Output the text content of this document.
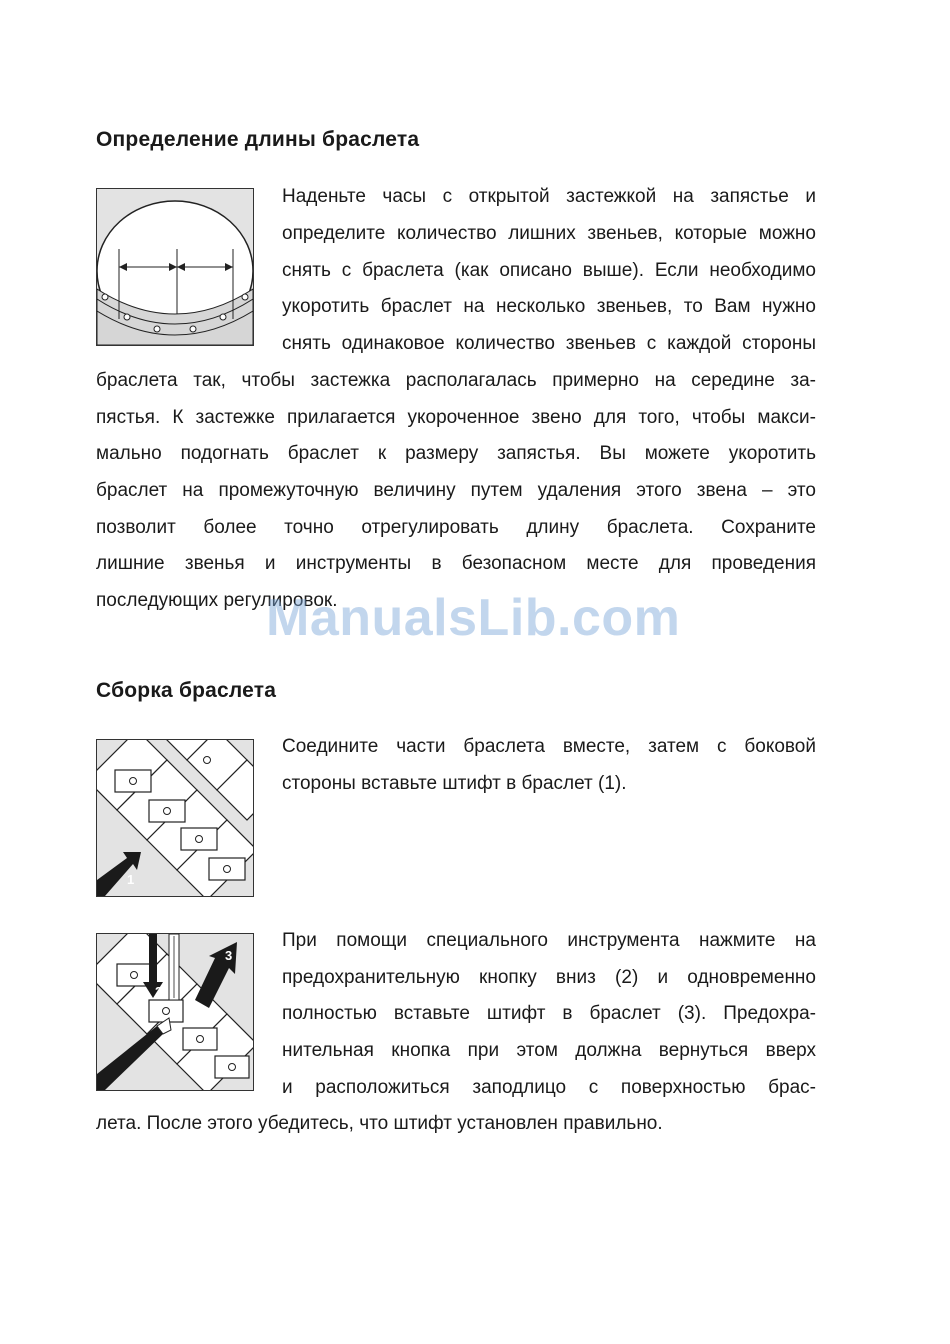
Определение длины браслета
Наденьте часы с открытой застежкой на запястье и
определите количество лишних звеньев, которые можно
снять с браслета (как описано выше). Если необходимо
укоротить браслет на несколько звеньев, то Вам нужно
снять одинаковое количество звеньев с каждой стороны
браслета так, чтобы застежка располагалась примерно на середине за-
пястья. К застежке прилагается укороченное звено для того, чтобы макси-
мально подогнать браслет к размеру запястья. Вы можете укоротить
браслет на промежуточную величину путем удаления этого звена – это
позволит более точно отрегулировать длину браслета. Сохраните
лишние звенья и инструменты в безопасном месте для проведения
последующих регулировок.
Сборка браслета
1
Соедините части браслета вместе, затем с боковой
стороны вставьте штифт в браслет (1).
2
3
При помощи специального инструмента нажмите на
предохранительную кнопку вниз (2) и одновременно
полностью вставьте штифт в браслет (3). Предохра-
нительная кнопка при этом должна вернуться вверх
и расположиться заподлицо с поверхностью брас-
лета. После этого убедитесь, что штифт установлен правильно.
ManualsLib.com
